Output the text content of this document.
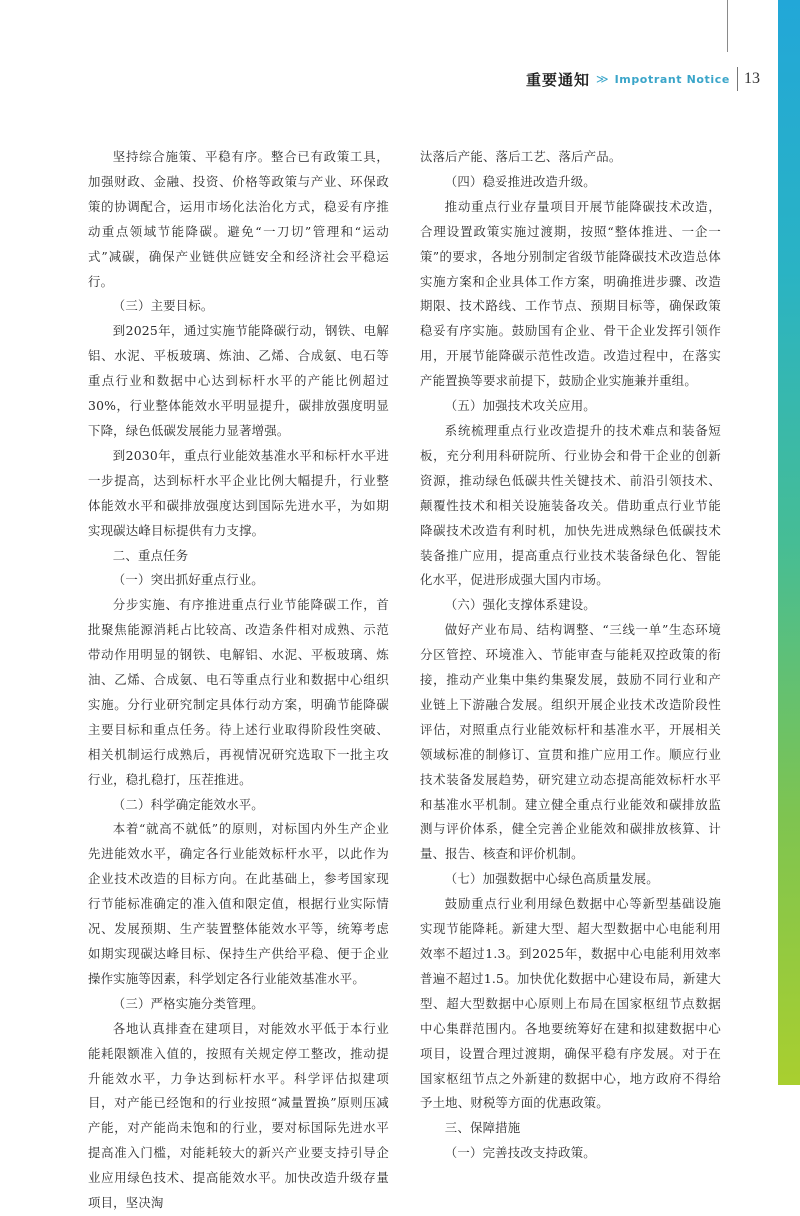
重要通知 ≫ Impotrant Notice 13

坚持综合施策、平稳有序。整合已有政策工具，加强财政、金融、投资、价格等政策与产业、环保政策的协调配合，运用市场化法治化方式，稳妥有序推动重点领域节能降碳。避免“一刀切”管理和“运动式”减碳，确保产业链供应链安全和经济社会平稳运行。

（三）主要目标。

到2025年，通过实施节能降碳行动，钢铁、电解铝、水泥、平板玻璃、炼油、乙烯、合成氨、电石等重点行业和数据中心达到标杆水平的产能比例超过30%，行业整体能效水平明显提升，碳排放强度明显下降，绿色低碳发展能力显著增强。

到2030年，重点行业能效基准水平和标杆水平进一步提高，达到标杆水平企业比例大幅提升，行业整体能效水平和碳排放强度达到国际先进水平，为如期实现碳达峰目标提供有力支撑。

二、重点任务

（一）突出抓好重点行业。

分步实施、有序推进重点行业节能降碳工作，首批聚焦能源消耗占比较高、改造条件相对成熟、示范带动作用明显的钢铁、电解铝、水泥、平板玻璃、炼油、乙烯、合成氨、电石等重点行业和数据中心组织实施。分行业研究制定具体行动方案，明确节能降碳主要目标和重点任务。待上述行业取得阶段性突破、相关机制运行成熟后，再视情况研究选取下一批主攻行业，稳扎稳打，压茬推进。

（二）科学确定能效水平。

本着“就高不就低”的原则，对标国内外生产企业先进能效水平，确定各行业能效标杆水平，以此作为企业技术改造的目标方向。在此基础上，参考国家现行节能标准确定的准入值和限定值，根据行业实际情况、发展预期、生产装置整体能效水平等，统筹考虑如期实现碳达峰目标、保持生产供给平稳、便于企业操作实施等因素，科学划定各行业能效基准水平。

（三）严格实施分类管理。

各地认真排查在建项目，对能效水平低于本行业能耗限额准入值的，按照有关规定停工整改，推动提升能效水平，力争达到标杆水平。科学评估拟建项目，对产能已经饱和的行业按照“减量置换”原则压减产能，对产能尚未饱和的行业，要对标国际先进水平提高准入门槛，对能耗较大的新兴产业要支持引导企业应用绿色技术、提高能效水平。加快改造升级存量项目，坚决淘

汰落后产能、落后工艺、落后产品。

（四）稳妥推进改造升级。

推动重点行业存量项目开展节能降碳技术改造，合理设置政策实施过渡期，按照“整体推进、一企一策”的要求，各地分别制定省级节能降碳技术改造总体实施方案和企业具体工作方案，明确推进步骤、改造期限、技术路线、工作节点、预期目标等，确保政策稳妥有序实施。鼓励国有企业、骨干企业发挥引领作用，开展节能降碳示范性改造。改造过程中，在落实产能置换等要求前提下，鼓励企业实施兼并重组。

（五）加强技术攻关应用。

系统梳理重点行业改造提升的技术难点和装备短板，充分利用科研院所、行业协会和骨干企业的创新资源，推动绿色低碳共性关键技术、前沿引领技术、颠覆性技术和相关设施装备攻关。借助重点行业节能降碳技术改造有利时机，加快先进成熟绿色低碳技术装备推广应用，提高重点行业技术装备绿色化、智能化水平，促进形成强大国内市场。

（六）强化支撑体系建设。

做好产业布局、结构调整、“三线一单”生态环境分区管控、环境准入、节能审查与能耗双控政策的衔接，推动产业集中集约集聚发展，鼓励不同行业和产业链上下游融合发展。组织开展企业技术改造阶段性评估，对照重点行业能效标杆和基准水平，开展相关领域标准的制修订、宣贯和推广应用工作。顺应行业技术装备发展趋势，研究建立动态提高能效标杆水平和基准水平机制。建立健全重点行业能效和碳排放监测与评价体系，健全完善企业能效和碳排放核算、计量、报告、核查和评价机制。

（七）加强数据中心绿色高质量发展。

鼓励重点行业利用绿色数据中心等新型基础设施实现节能降耗。新建大型、超大型数据中心电能利用效率不超过1.3。到2025年，数据中心电能利用效率普遍不超过1.5。加快优化数据中心建设布局，新建大型、超大型数据中心原则上布局在国家枢纽节点数据中心集群范围内。各地要统筹好在建和拟建数据中心项目，设置合理过渡期，确保平稳有序发展。对于在国家枢纽节点之外新建的数据中心，地方政府不得给予土地、财税等方面的优惠政策。

三、保障措施

（一）完善技改支持政策。
